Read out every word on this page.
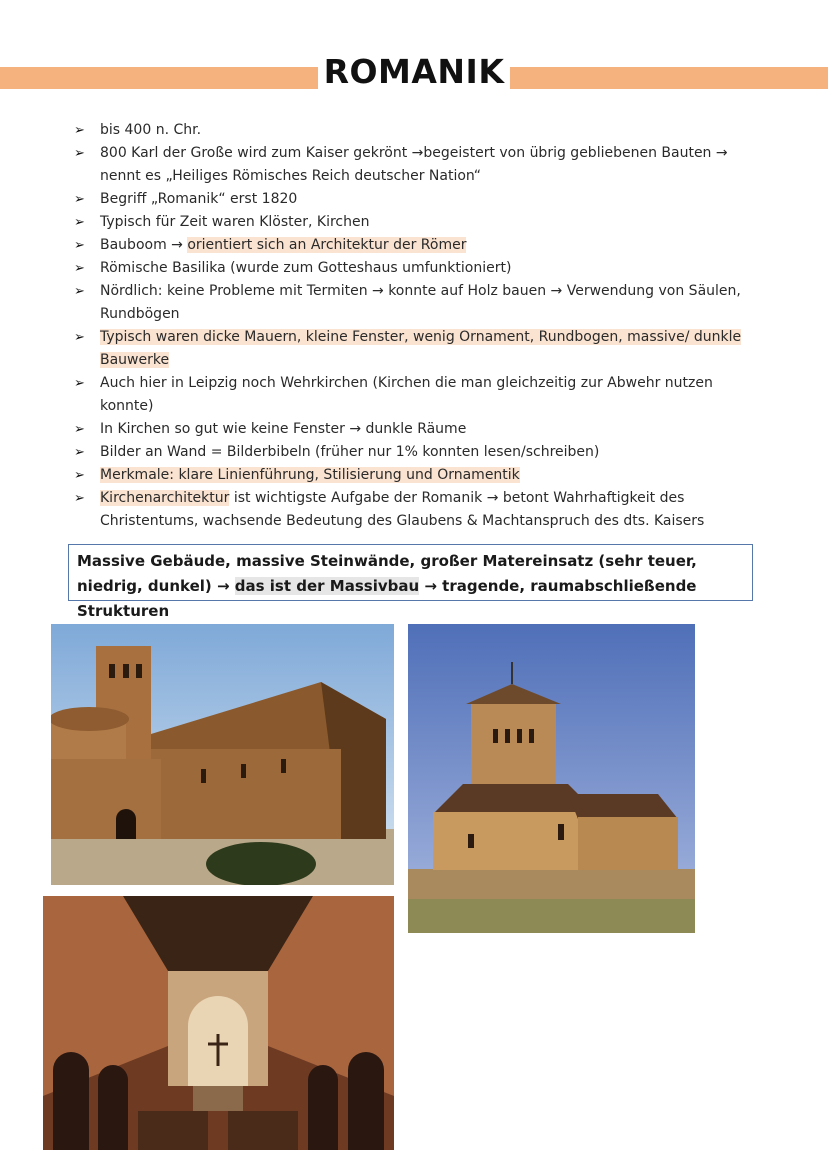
ROMANIK
➢ bis 400 n. Chr.
➢ 800 Karl der Große wird zum Kaiser gekrönt →begeistert von übrig gebliebenen Bauten → nennt es „Heiliges Römisches Reich deutscher Nation“
➢ Begriff „Romanik“ erst 1820
➢ Typisch für Zeit waren Klöster, Kirchen
➢ Bauboom → orientiert sich an Architektur der Römer
➢ Römische Basilika (wurde zum Gotteshaus umfunktioniert)
➢ Nördlich: keine Probleme mit Termiten → konnte auf Holz bauen → Verwendung von Säulen, Rundbögen
➢ Typisch waren dicke Mauern, kleine Fenster, wenig Ornament, Rundbogen, massive/ dunkle Bauwerke
➢ Auch hier in Leipzig noch Wehrkirchen (Kirchen die man gleichzeitig zur Abwehr nutzen konnte)
➢ In Kirchen so gut wie keine Fenster → dunkle Räume
➢ Bilder an Wand = Bilderbibeln (früher nur 1% konnten lesen/schreiben)
➢ Merkmale: klare Linienführung, Stilisierung und Ornamentik
➢ Kirchenarchitektur ist wichtigste Aufgabe der Romanik → betont Wahrhaftigkeit des Christentums, wachsende Bedeutung des Glaubens & Machtanspruch des dts. Kaisers
Massive Gebäude, massive Steinwände, großer Matereinsatz (sehr teuer, niedrig, dunkel) → das ist der Massivbau → tragende, raumabschließende Strukturen
